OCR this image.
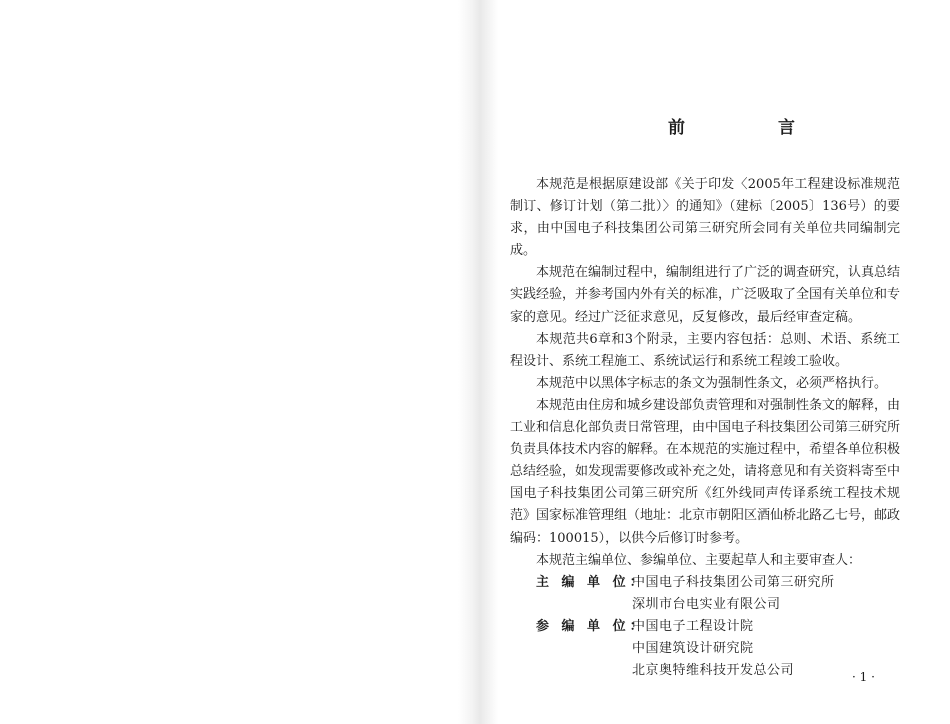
前　言

本规范是根据原建设部《关于印发〈2005年工程建设标准规范制订、修订计划（第二批）〉的通知》（建标〔2005〕136号）的要求，由中国电子科技集团公司第三研究所会同有关单位共同编制完成。

本规范在编制过程中，编制组进行了广泛的调查研究，认真总结实践经验，并参考国内外有关的标准，广泛吸取了全国有关单位和专家的意见。经过广泛征求意见，反复修改，最后经审查定稿。

本规范共6章和3个附录，主要内容包括：总则、术语、系统工程设计、系统工程施工、系统试运行和系统工程竣工验收。

本规范中以黑体字标志的条文为强制性条文，必须严格执行。

本规范由住房和城乡建设部负责管理和对强制性条文的解释，由工业和信息化部负责日常管理，由中国电子科技集团公司第三研究所负责具体技术内容的解释。在本规范的实施过程中，希望各单位积极总结经验，如发现需要修改或补充之处，请将意见和有关资料寄至中国电子科技集团公司第三研究所《红外线同声传译系统工程技术规范》国家标准管理组（地址：北京市朝阳区酒仙桥北路乙七号，邮政编码：100015），以供今后修订时参考。

本规范主编单位、参编单位、主要起草人和主要审查人：

主 编 单 位：
中国电子科技集团公司第三研究所
深圳市台电实业有限公司
参 编 单 位：
中国电子工程设计院
中国建筑设计研究院
北京奥特维科技开发总公司	· 1 ·
